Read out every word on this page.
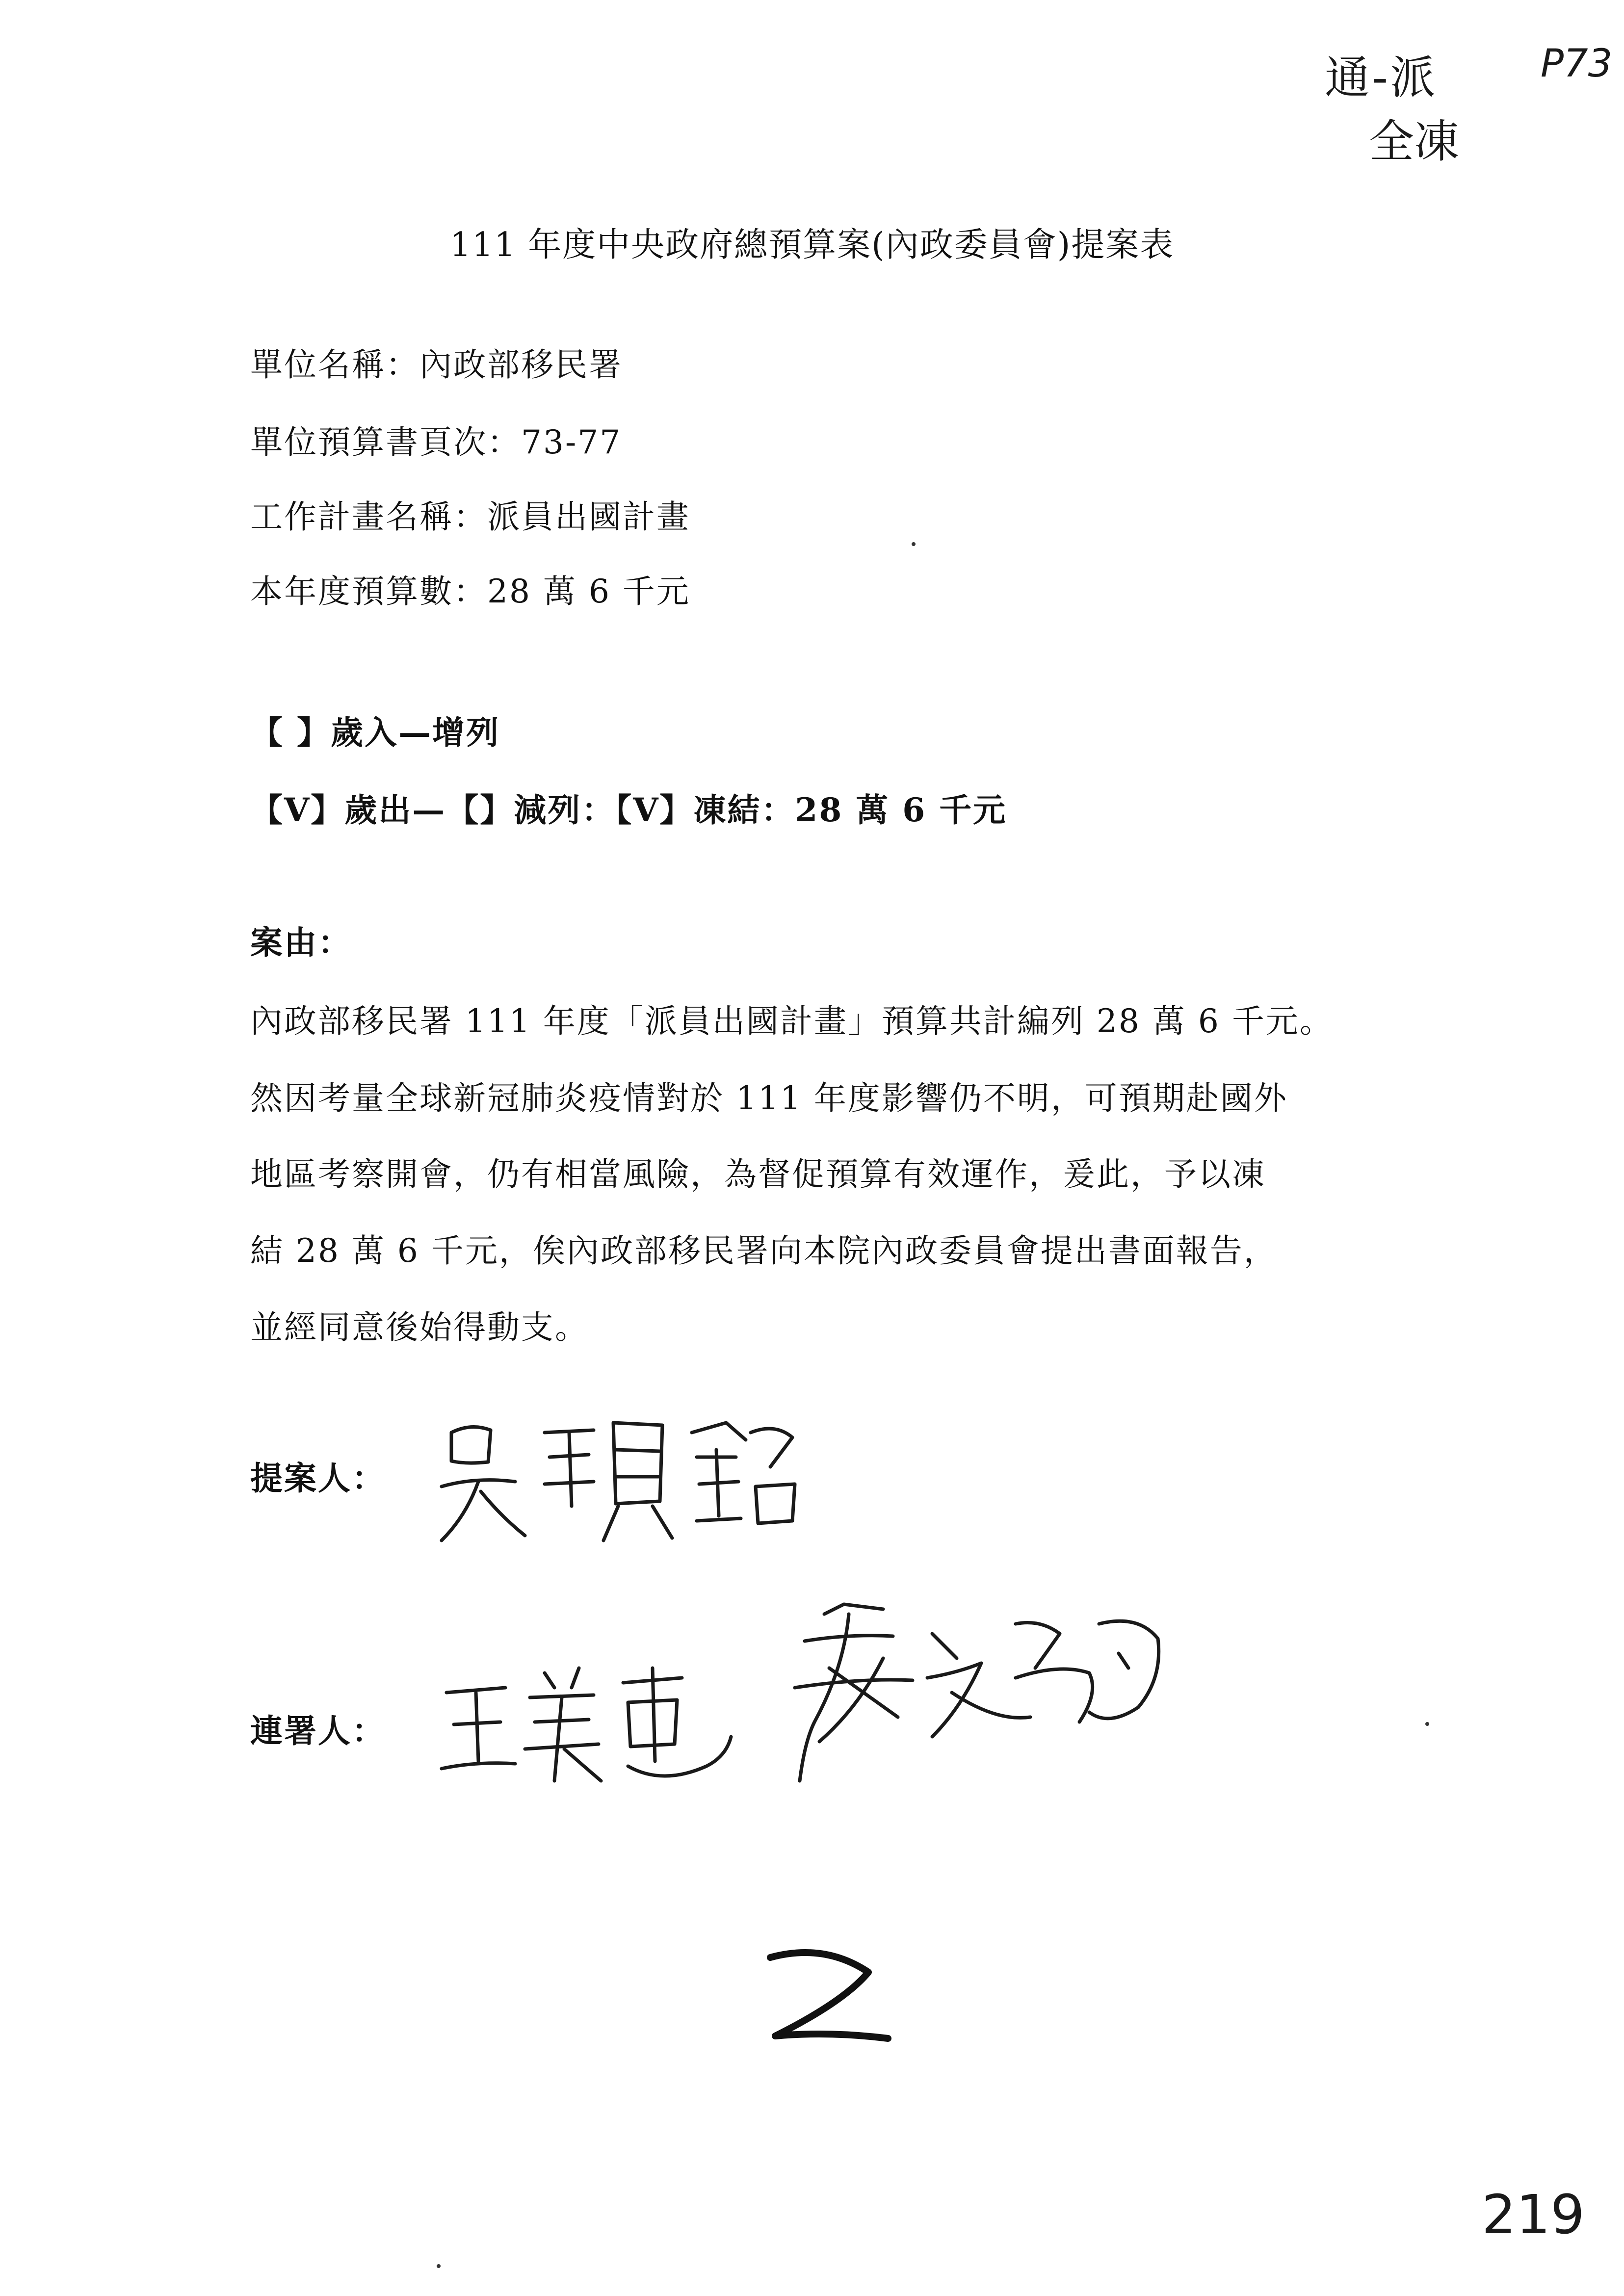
通-派	P73
全凍
111 年度中央政府總預算案(內政委員會)提案表
單位名稱：內政部移民署
單位預算書頁次：73-77
工作計畫名稱：派員出國計畫
本年度預算數：28 萬 6 千元
【 】歲入—增列
【V】歲出—【】減列：【V】凍結：28 萬 6 千元
案由：
內政部移民署 111 年度「派員出國計畫」預算共計編列 28 萬 6 千元。
然因考量全球新冠肺炎疫情對於 111 年度影響仍不明，可預期赴國外
地區考察開會，仍有相當風險，為督促預算有效運作，爰此，予以凍
結 28 萬 6 千元，俟內政部移民署向本院內政委員會提出書面報告，
並經同意後始得動支。
提案人：
連署人：
219
